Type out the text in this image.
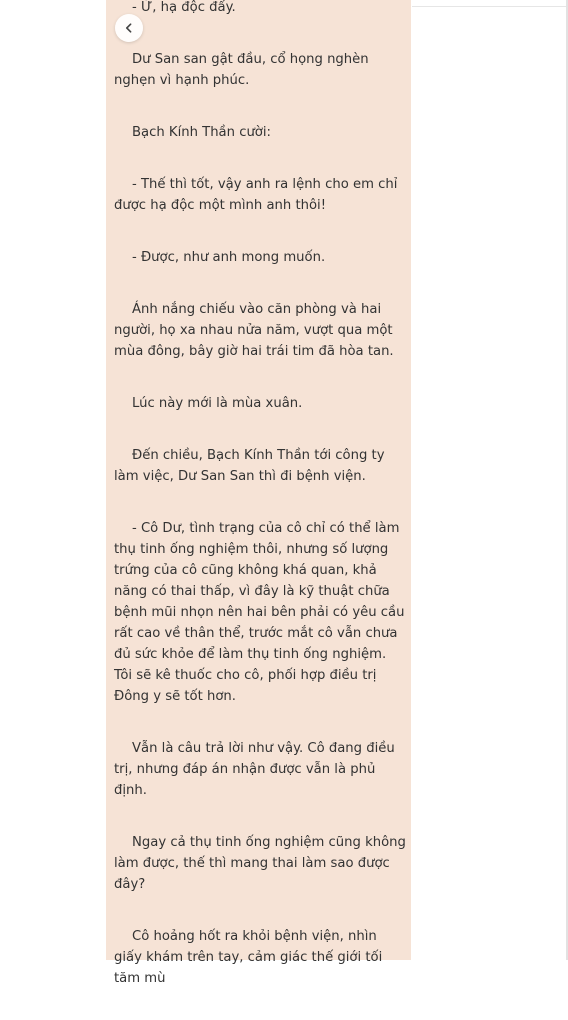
- Ừ, hạ độc đấy.

Dư San san gật đầu, cổ họng nghèn nghẹn vì hạnh phúc.

Bạch Kính Thần cười:

- Thế thì tốt, vậy anh ra lệnh cho em chỉ được hạ độc một mình anh thôi!

- Được, như anh mong muốn.

Ánh nắng chiếu vào căn phòng và hai người, họ xa nhau nửa năm, vượt qua một mùa đông, bây giờ hai trái tim đã hòa tan.

Lúc này mới là mùa xuân.

Đến chiều, Bạch Kính Thần tới công ty làm việc, Dư San San thì đi bệnh viện.

- Cô Dư, tình trạng của cô chỉ có thể làm thụ tinh ống nghiệm thôi, nhưng số lượng trứng của cô cũng không khá quan, khả năng có thai thấp, vì đây là kỹ thuật chữa bệnh mũi nhọn nên hai bên phải có yêu cầu rất cao về thân thể, trước mắt cô vẫn chưa đủ sức khỏe để làm thụ tinh ống nghiệm. Tôi sẽ kê thuốc cho cô, phối hợp điều trị Đông y sẽ tốt hơn.

Vẫn là câu trả lời như vậy. Cô đang điều trị, nhưng đáp án nhận được vẫn là phủ định.

Ngay cả thụ tinh ống nghiệm cũng không làm được, thế thì mang thai làm sao được đây?

Cô hoảng hốt ra khỏi bệnh viện, nhìn giấy khám trên tay, cảm giác thế giới tối tăm mù
